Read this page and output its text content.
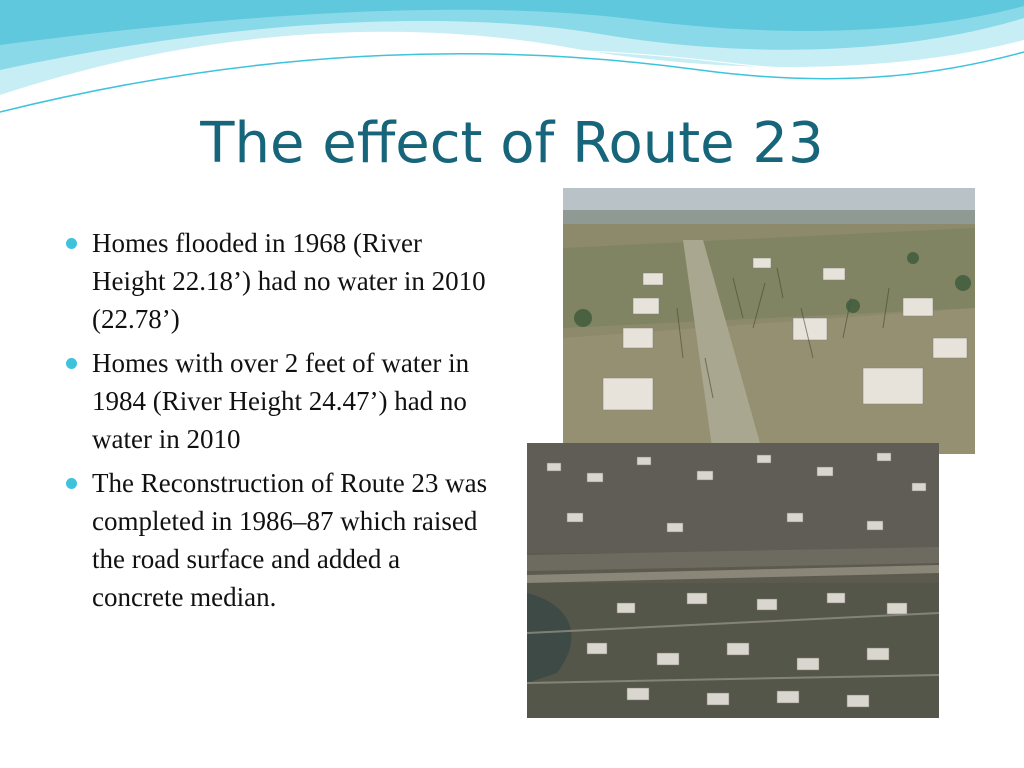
The effect of Route 23
Homes flooded in 1968 (River Height 22.18’) had no water in 2010 (22.78’)
Homes with over 2 feet of water in 1984 (River Height 24.47’) had no water in 2010
The Reconstruction of Route 23 was completed in 1986–87 which raised the road surface and added a concrete median.
